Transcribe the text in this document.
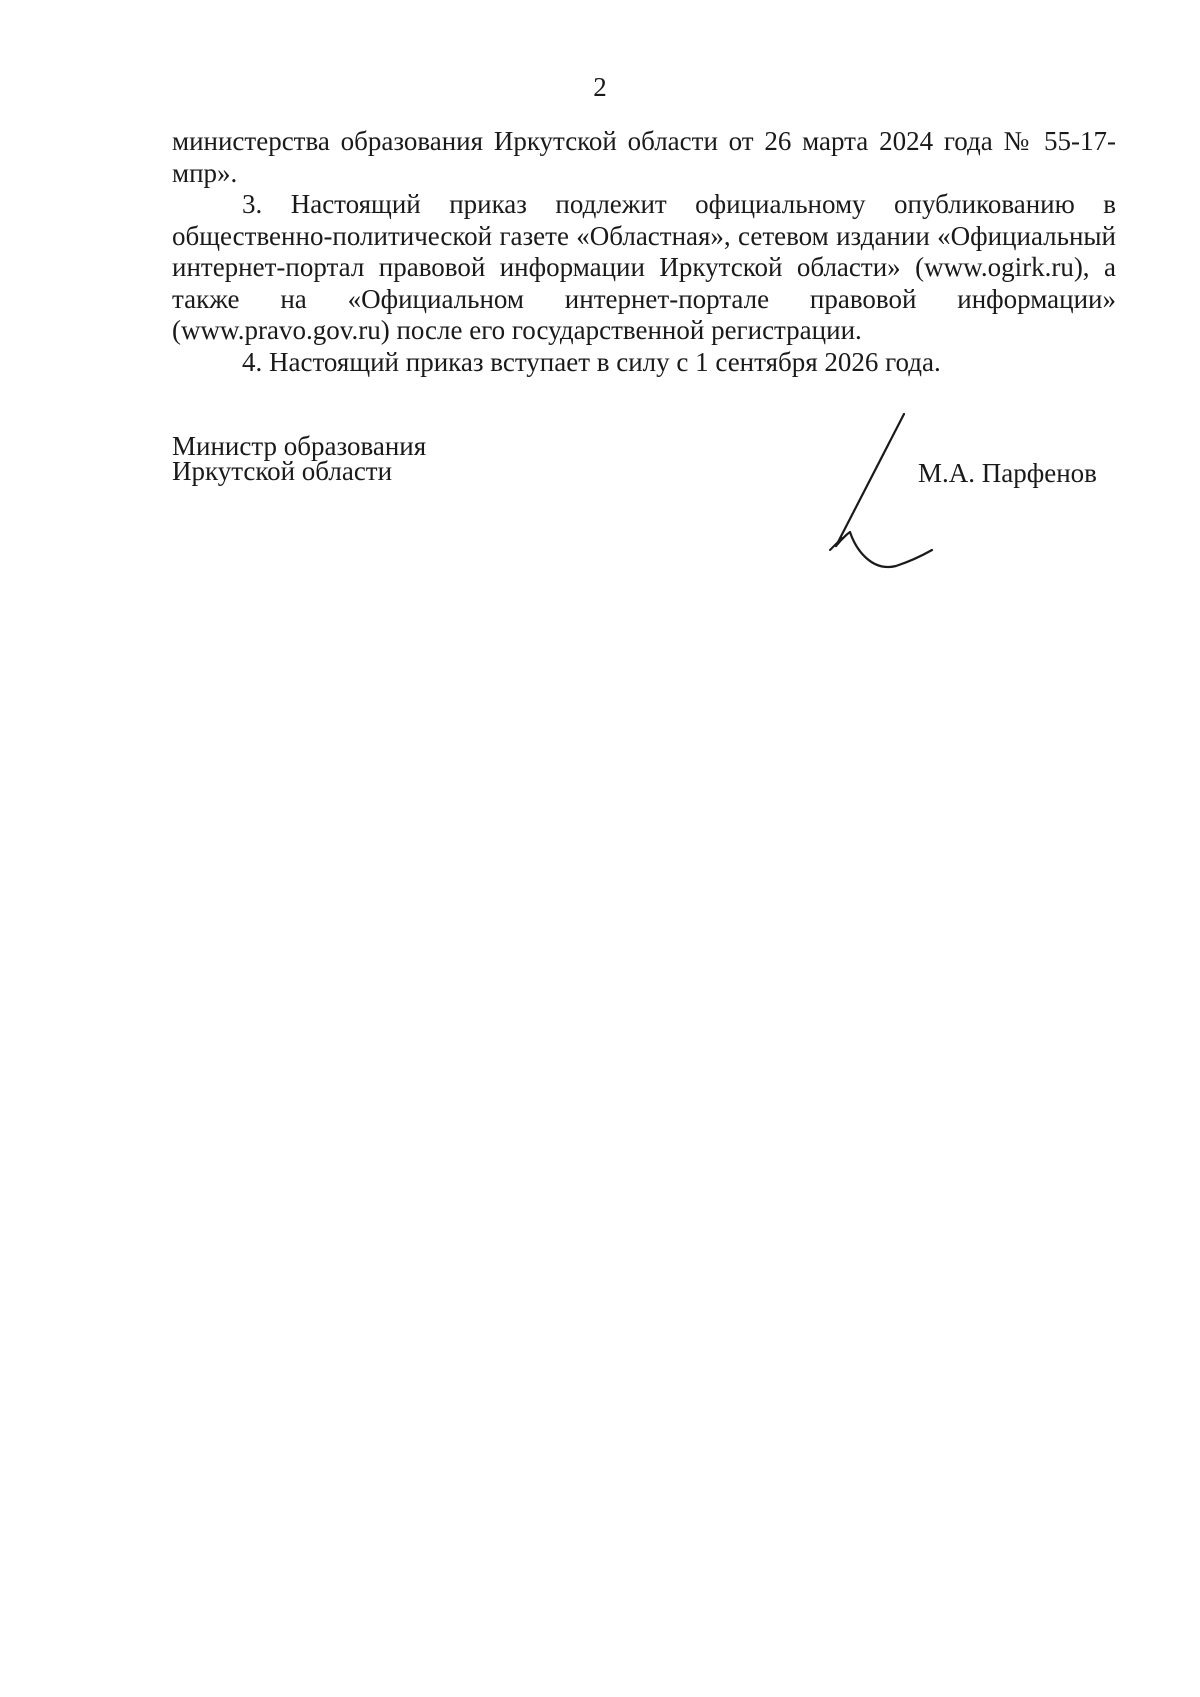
2

министерства образования Иркутской области от 26 марта 2024 года № 55-17-мпр».

3. Настоящий приказ подлежит официальному опубликованию в общественно-политической газете «Областная», сетевом издании «Официальный интернет-портал правовой информации Иркутской области» (www.ogirk.ru), а также на «Официальном интернет-портале правовой информации» (www.pravo.gov.ru) после его государственной регистрации.

4. Настоящий приказ вступает в силу с 1 сентября 2026 года.

Министр образования
Иркутской области	М.А. Парфенов
